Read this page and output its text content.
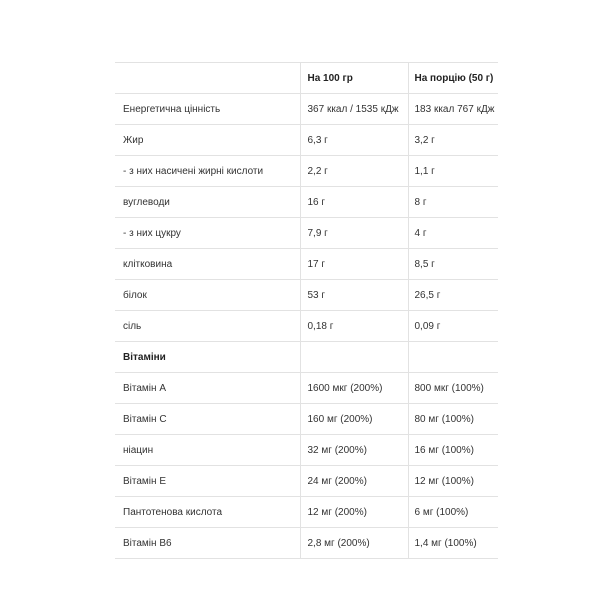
	На 100 гр	На порцію (50 г)
Енергетична цінність	367 ккал / 1535 кДж	183 ккал 767 кДж
Жир	6,3 г	3,2 г
- з них насичені жирні кислоти	2,2 г	1,1 г
вуглеводи	16 г	8 г
- з них цукру	7,9 г	4 г
клітковина	17 г	8,5 г
білок	53 г	26,5 г
сіль	0,18 г	0,09 г
Вітаміни		
Вітамін A	1600 мкг (200%)	800 мкг (100%)
Вітамін C	160 мг (200%)	80 мг (100%)
ніацин	32 мг (200%)	16 мг (100%)
Вітамін Е	24 мг (200%)	12 мг (100%)
Пантотенова кислота	12 мг (200%)	6 мг (100%)
Вітамін B6	2,8 мг (200%)	1,4 мг (100%)
